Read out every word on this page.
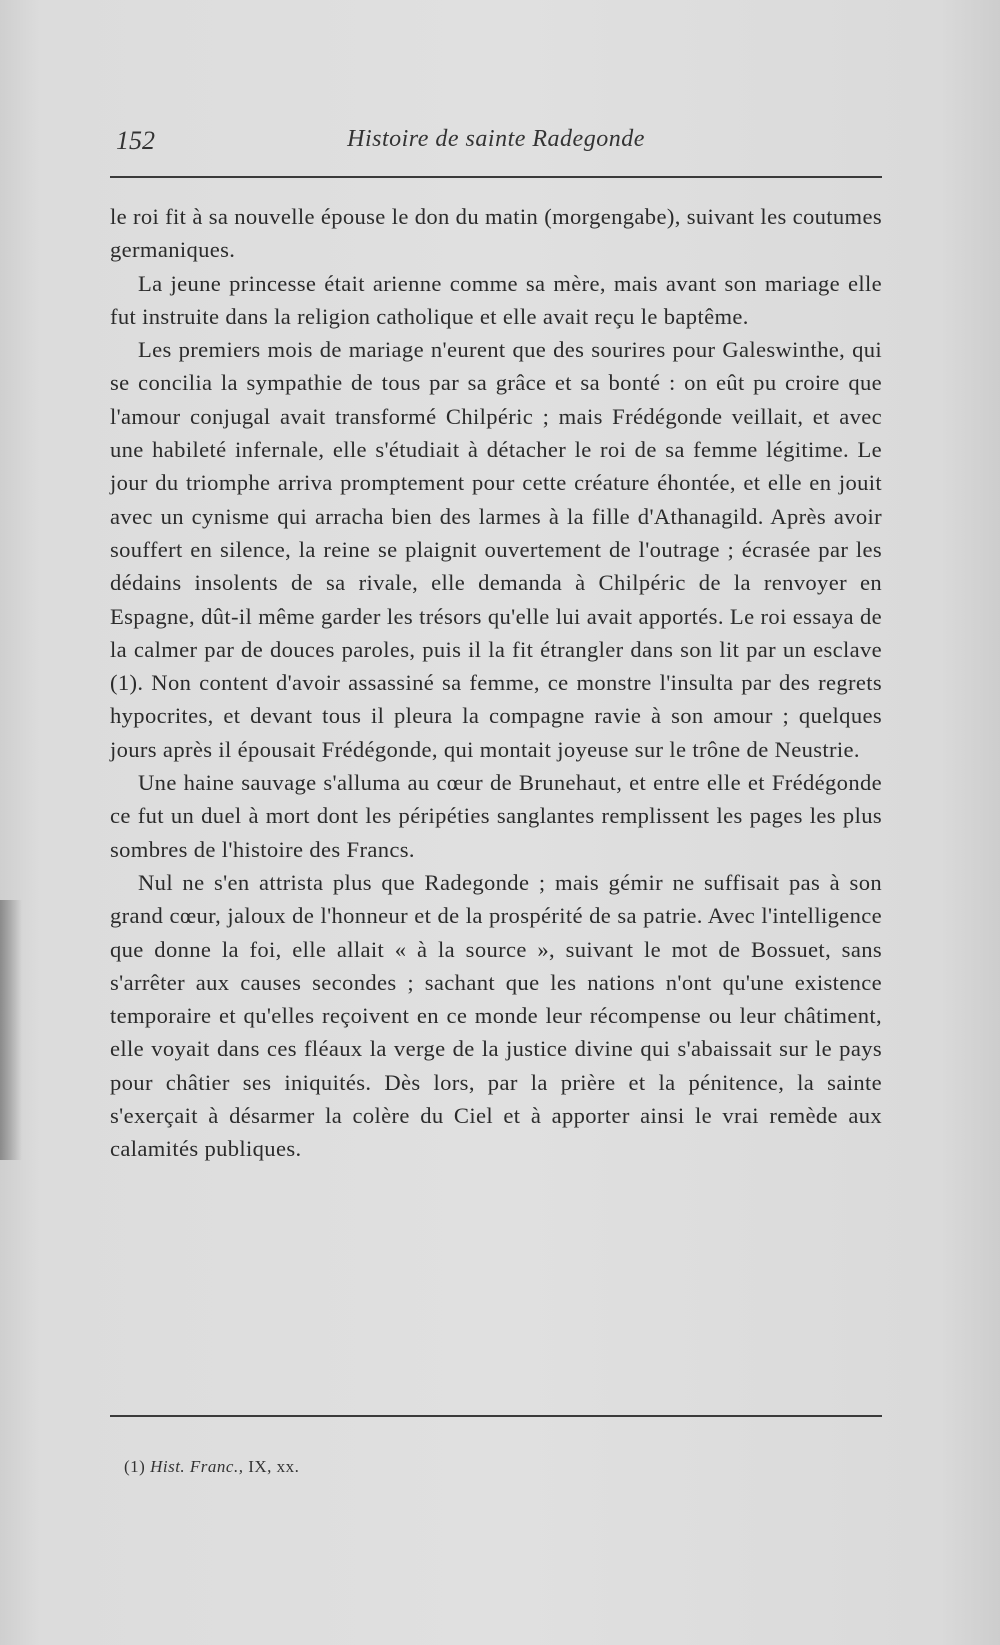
152	Histoire de sainte Radegonde

le roi fit à sa nouvelle épouse le don du matin (morgengabe), suivant les coutumes germaniques.

La jeune princesse était arienne comme sa mère, mais avant son mariage elle fut instruite dans la religion catholique et elle avait reçu le baptême.

Les premiers mois de mariage n'eurent que des sourires pour Galeswinthe, qui se concilia la sympathie de tous par sa grâce et sa bonté : on eût pu croire que l'amour conjugal avait transformé Chilpéric ; mais Frédégonde veillait, et avec une habileté infernale, elle s'étudiait à détacher le roi de sa femme légitime. Le jour du triomphe arriva promptement pour cette créature éhontée, et elle en jouit avec un cynisme qui arracha bien des larmes à la fille d'Athanagild. Après avoir souffert en silence, la reine se plaignit ouvertement de l'outrage ; écrasée par les dédains insolents de sa rivale, elle demanda à Chilpéric de la renvoyer en Espagne, dût-il même garder les trésors qu'elle lui avait apportés. Le roi essaya de la calmer par de douces paroles, puis il la fit étrangler dans son lit par un esclave (1). Non content d'avoir assassiné sa femme, ce monstre l'insulta par des regrets hypocrites, et devant tous il pleura la compagne ravie à son amour ; quelques jours après il épousait Frédégonde, qui montait joyeuse sur le trône de Neustrie.

Une haine sauvage s'alluma au cœur de Brunehaut, et entre elle et Frédégonde ce fut un duel à mort dont les péripéties sanglantes remplissent les pages les plus sombres de l'histoire des Francs.

Nul ne s'en attrista plus que Radegonde ; mais gémir ne suffisait pas à son grand cœur, jaloux de l'honneur et de la prospérité de sa patrie. Avec l'intelligence que donne la foi, elle allait « à la source », suivant le mot de Bossuet, sans s'arrêter aux causes secondes ; sachant que les nations n'ont qu'une existence temporaire et qu'elles reçoivent en ce monde leur récompense ou leur châtiment, elle voyait dans ces fléaux la verge de la justice divine qui s'abaissait sur le pays pour châtier ses iniquités. Dès lors, par la prière et la pénitence, la sainte s'exerçait à désarmer la colère du Ciel et à apporter ainsi le vrai remède aux calamités publiques.

(1) Hist. Franc., IX, xx.
